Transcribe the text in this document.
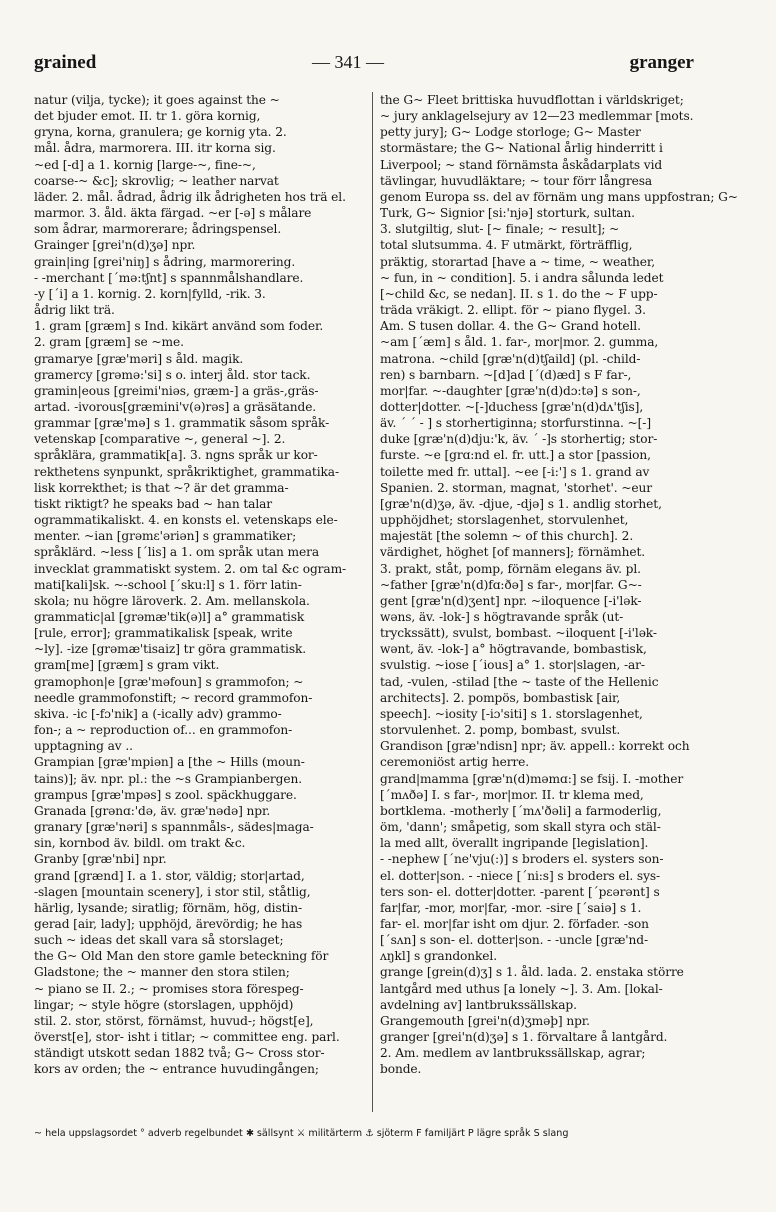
grained	— 341 —	granger
natur (vilja, tycke); it goes against the ~
det bjuder emot. II. tr 1. göra kornig,
gryna, korna, granulera; ge kornig yta. 2.
mål. ådra, marmorera. III. itr korna sig.
~ed [-d] a 1. kornig [large-~, fine-~,
coarse-~ &c]; skrovlig; ~ leather narvat
läder. 2. mål. ådrad, ådrig ilk ådrigheten hos trä el.
marmor. 3. åld. äkta färgad. ~er [-ə] s målare
som ådrar, marmorerare; ådringspensel.
Grainger [grei'n(d)ʒə] npr.
grain|ing [grei'niŋ] s ådring, marmorering.
- -merchant [ˊmə:tʃnt] s spannmålshandlare.
-y [ˊi] a 1. kornig. 2. korn|fylld, -rik. 3.
ådrig likt trä.
1. gram [græm] s Ind. kikärt använd som foder.
2. gram [græm] se ~me.
gramarye [græ'məri] s åld. magik.
gramercy [grəmə:'si] s o. interj åld. stor tack.
gramin|eous [greimi'niəs, græm-] a gräs-,gräs-
artad. -ivorous[græmini'v(ə)rəs] a gräsätande.
grammar [græ'mə] s 1. grammatik såsom språk-
vetenskap [comparative ~, general ~]. 2.
språklära, grammatik[a]. 3. ngns språk ur kor-
rekthetens synpunkt, språkriktighet, grammatika-
lisk korrekthet; is that ~? är det gramma-
tiskt riktigt? he speaks bad ~ han talar
ogrammatikaliskt. 4. en konsts el. vetenskaps ele-
menter. ~ian [grəmɛ'əriən] s grammatiker;
språklärd. ~less [ˊlis] a 1. om språk utan mera
invecklat grammatiskt system. 2. om tal &c ogram-
mati[kali]sk. ~-school [ˊsku:l] s 1. förr latin-
skola; nu högre läroverk. 2. Am. mellanskola.
grammatic|al [grəmæ'tik(ə)l] a° grammatisk
[rule, error]; grammatikalisk [speak, write
~ly]. -ize [grəmæ'tisaiz] tr göra grammatisk.
gram[me] [græm] s gram vikt.
gramophon|e [græ'məfoun] s grammofon; ~
needle grammofonstift; ~ record grammofon-
skiva. -ic [-fɔ'nik] a (-ically adv) grammo-
fon-; a ~ reproduction of... en grammofon-
upptagning av ..
Grampian [græ'mpiən] a [the ~ Hills (moun-
tains)]; äv. npr. pl.: the ~s Grampianbergen.
grampus [græ'mpəs] s zool. späckhuggare.
Granada [grənɑ:'də, äv. græ'nədə] npr.
granary [græ'nəri] s spannmåls-, sädes|maga-
sin, kornbod äv. bildl. om trakt &c.
Granby [græ'nbi] npr.
grand [grænd] I. a 1. stor, väldig; stor|artad,
-slagen [mountain scenery], i stor stil, ståtlig,
härlig, lysande; siratlig; förnäm, hög, distin-
gerad [air, lady]; upphöjd, ärevördig; he has
such ~ ideas det skall vara så storslaget;
the G~ Old Man den store gamle beteckning för
Gladstone; the ~ manner den stora stilen;
~ piano se II. 2.; ~ promises stora förespeg-
lingar; ~ style högre (storslagen, upphöjd)
stil. 2. stor, störst, förnämst, huvud-; högst[e],
överst[e], stor- isht i titlar; ~ committee eng. parl.
ständigt utskott sedan 1882 två; G~ Cross stor-
kors av orden; the ~ entrance huvudingången;
the G~ Fleet brittiska huvudflottan i världskriget;
~ jury anklagelsejury av 12—23 medlemmar [mots.
petty jury]; G~ Lodge storloge; G~ Master
stormästare; the G~ National årlig hinderritt i
Liverpool; ~ stand förnämsta åskådarplats vid
tävlingar, huvudläktare; ~ tour förr långresa
genom Europa ss. del av förnäm ung mans uppfostran; G~
Turk, G~ Signior [si:'njə] storturk, sultan.
3. slutgiltig, slut- [~ finale; ~ result]; ~
total slutsumma. 4. F utmärkt, förträfflig,
präktig, storartad [have a ~ time, ~ weather,
~ fun, in ~ condition]. 5. i andra sålunda ledet
[~child &c, se nedan]. II. s 1. do the ~ F upp-
träda vräkigt. 2. ellipt. för ~ piano flygel. 3.
Am. S tusen dollar. 4. the G~ Grand hotell.
~am [ˊæm] s åld. 1. far-, mor|mor. 2. gumma,
matrona. ~child [græ'n(d)tʃaild] (pl. -child-
ren) s barnbarn. ~[d]ad [ˊ(d)æd] s F far-,
mor|far. ~-daughter [græ'n(d)dɔ:tə] s son-,
dotter|dotter. ~[-]duchess [græ'n(d)dʌ'tʃis],
äv. ˊ ˊ - ] s storhertiginna; storfurstinna. ~[-]
duke [græ'n(d)dju:'k, äv. ˊ -]s storhertig; stor-
furste. ~e [grɑ:nd el. fr. utt.] a stor [passion,
toilette med fr. uttal]. ~ee [-i:'] s 1. grand av
Spanien. 2. storman, magnat, 'storhet'. ~eur
[græ'n(d)ʒə, äv. -djue, -djə] s 1. andlig storhet,
upphöjdhet; storslagenhet, storvulenhet,
majestät [the solemn ~ of this church]. 2.
värdighet, höghet [of manners]; förnämhet.
3. prakt, ståt, pomp, förnäm elegans äv. pl.
~father [græ'n(d)fɑ:ðə] s far-, mor|far. G~-
gent [græ'n(d)ʒent] npr. ~iloquence [-i'lək-
wəns, äv. -lok-] s högtravande språk (ut-
tryckssätt), svulst, bombast. ~iloquent [-i'lək-
wənt, äv. -lok-] a° högtravande, bombastisk,
svulstig. ~iose [ˊious] a° 1. stor|slagen, -ar-
tad, -vulen, -stilad [the ~ taste of the Hellenic
architects]. 2. pompös, bombastisk [air,
speech]. ~iosity [-iɔ'siti] s 1. storslagenhet,
storvulenhet. 2. pomp, bombast, svulst.
Grandison [græ'ndisn] npr; äv. appell.: korrekt och
ceremoniöst artig herre.
grand|mamma [græ'n(d)məmɑ:] se fsij. I. -mother
[ˊmʌðə] I. s far-, mor|mor. II. tr klema med,
bortklema. -motherly [ˊmʌ'ðəli] a farmoderlig,
öm, 'dann'; småpetig, som skall styra och stäl-
la med allt, överallt ingripande [legislation].
- -nephew [ˊne'vju(:)] s broders el. systers son-
el. dotter|son. - -niece [ˊni:s] s broders el. sys-
ters son- el. dotter|dotter. -parent [ˊpɛərənt] s
far|far, -mor, mor|far, -mor. -sire [ˊsaiə] s 1.
far- el. mor|far isht om djur. 2. förfader. -son
[ˊsʌn] s son- el. dotter|son. - -uncle [græ'nd-
ʌŋkl] s grandonkel.
grange [grein(d)ʒ] s 1. åld. lada. 2. enstaka större
lantgård med uthus [a lonely ~]. 3. Am. [lokal-
avdelning av] lantbrukssällskap.
Grangemouth [grei'n(d)ʒməþ] npr.
granger [grei'n(d)ʒə] s 1. förvaltare å lantgård.
2. Am. medlem av lantbrukssällskap, agrar;
bonde.
~ hela uppslagsordet ° adverb regelbundet ✱ sällsynt ⚔ militärterm ⚓ sjöterm F familjärt P lägre språk S slang
